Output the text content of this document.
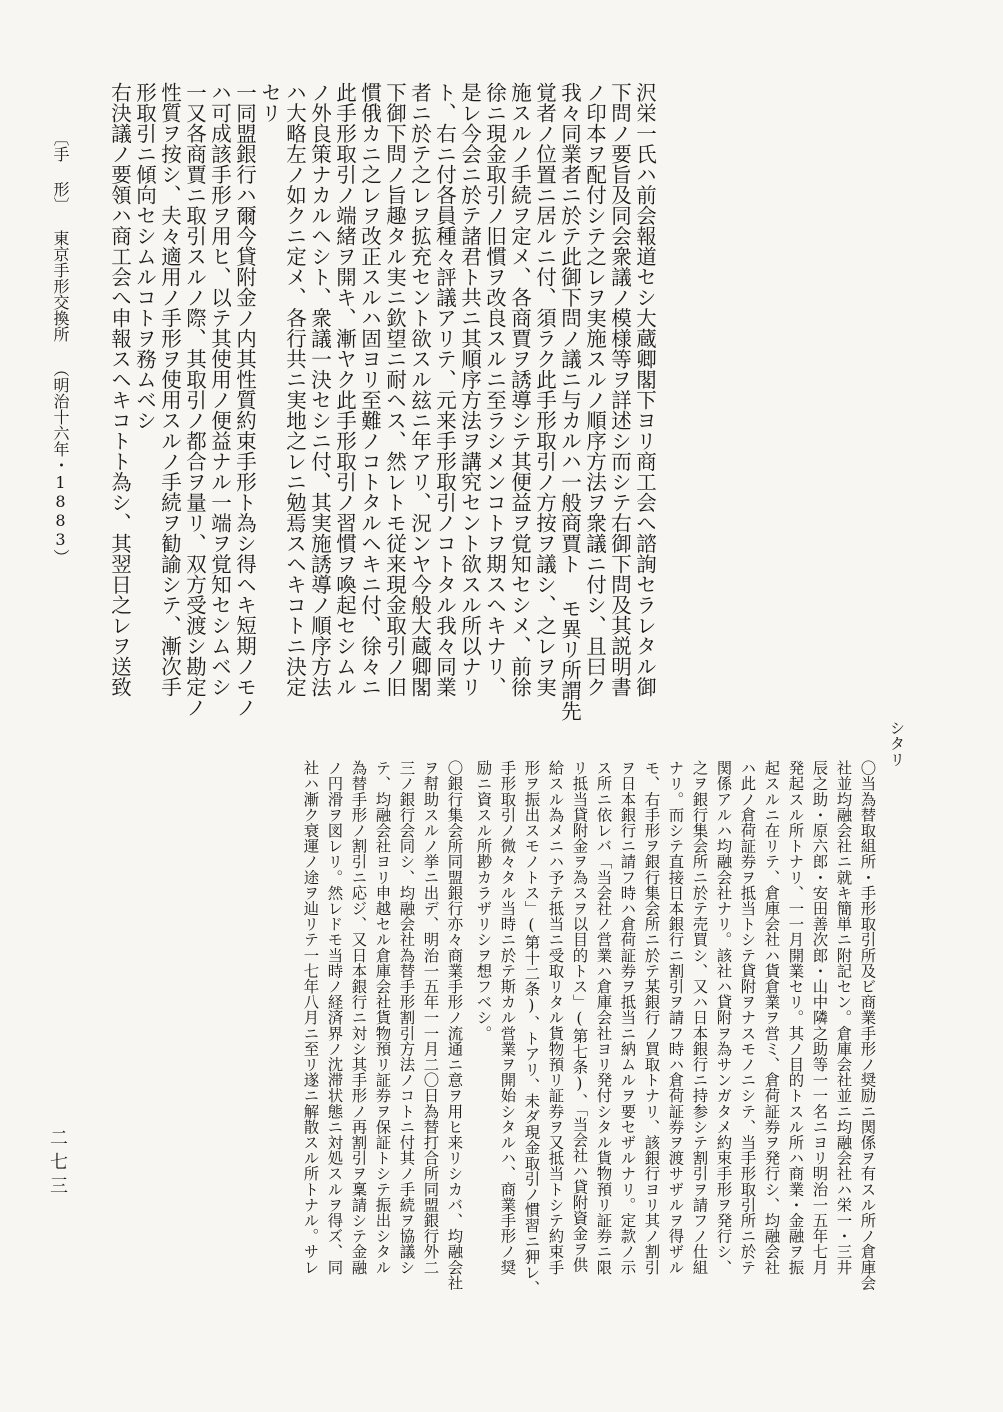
沢栄一氏ハ前会報道セシ大蔵卿閣下ヨリ商工会へ諮詢セラレタル御
下問ノ要旨及同会衆議ノ模様等ヲ詳述シ而シテ右御下問及其説明書
ノ印本ヲ配付シテ之レヲ実施スルノ順序方法ヲ衆議ニ付シ、且曰ク
我々同業者ニ於テ此御下問ノ議ニ与カルハ一般商賈ト モ異リ所謂先
覚者ノ位置ニ居ルニ付、須ラク此手形取引ノ方按ヲ議シ、之レヲ実
施スルノ手続ヲ定メ、各商賈ヲ誘導シテ其便益ヲ覚知セシメ、前徐
徐ニ現金取引ノ旧慣ヲ改良スルニ至ラシメンコトヲ期スヘキナリ、
是レ今会ニ於テ諸君ト共ニ其順序方法ヲ講究セント欲スル所以ナリ
ト、右ニ付各員種々評議アリテ、元来手形取引ノコトタル我々同業
者ニ於テ之レヲ拡充セント欲スル玆ニ年アリ、況ンヤ今般大蔵卿閣
下御下問ノ旨趣タル実ニ欽望ニ耐ヘス、然レトモ従来現金取引ノ旧
慣俄カニ之レヲ改正スルハ固ヨリ至難ノコトタルヘキニ付、徐々ニ
此手形取引ノ端緒ヲ開キ、漸ヤク此手形取引ノ習慣ヲ喚起セシムル
ノ外良策ナカルヘシト、衆議一決セシニ付、其実施誘導ノ順序方法
ハ大略左ノ如クニ定メ、各行共ニ実地之レニ勉焉スヘキコトニ決定
セリ
一同盟銀行ハ爾今貸附金ノ内其性質約束手形ト為シ得ヘキ短期ノモノ
ハ可成該手形ヲ用ヒ、以テ其使用ノ便益ナル一端ヲ覚知セシムベシ
一又各商賈ニ取引スルノ際、其取引ノ都合ヲ量リ、双方受渡シ勘定ノ
性質ヲ按シ、夫々適用ノ手形ヲ使用スルノ手続ヲ勧諭シテ、漸次手
形取引ニ傾向セシムルコトヲ務ムベシ
右決議ノ要領ハ商工会へ申報スヘキコトト為シ、其翌日之レヲ送致
〔手 形〕
東京手形交換所 （明治十六年・1883）
シタリ
〇当為替取組所・手形取引所及ビ商業手形ノ奨励ニ関係ヲ有スル所ノ倉庫会
社並均融会社ニ就キ簡単ニ附記セン。倉庫会社並ニ均融会社ハ栄一・三井
辰之助・原六郎・安田善次郎・山中隣之助等一一名ニヨリ明治一五年七月
発起スル所トナリ、一一月開業セリ。其ノ目的トスル所ハ商業・金融ヲ振
起スルニ在リテ、倉庫会社ハ貨倉業ヲ営ミ、倉荷証券ヲ発行シ、均融会社
ハ此ノ倉荷証券ヲ抵当トシテ貸附ヲナスモノニシテ、当手形取引所ニ於テ
関係アルハ均融会社ナリ。該社ハ貸附ヲ為サンガタメ約束手形ヲ発行シ、
之ヲ銀行集会所ニ於テ売買シ、又ハ日本銀行ニ持参シテ割引ヲ請フノ仕組
ナリ。而シテ直接日本銀行ニ割引ヲ請フ時ハ倉荷証券ヲ渡サザルヲ得ザル
モ、右手形ヲ銀行集会所ニ於テ某銀行ノ買取トナリ、該銀行ヨリ其ノ割引
ヲ日本銀行ニ請フ時ハ倉荷証券ヲ抵当ニ納ムルヲ要セザルナリ。定款ノ示
ス所ニ依レバ「当会社ノ営業ハ倉庫会社ヨリ発付シタル貨物預リ証券ニ限
リ抵当貸附金ヲ為スヲ以目的トス」(第七条)、「当会社ハ貸附資金ヲ供
給スル為メニハ予テ抵当ニ受取リタル貨物預リ証券ヲ又抵当トシテ約束手
形ヲ振出スモノトス」(第十二条)、トアリ、未ダ現金取引ノ慣習ニ狎レ、
手形取引ノ微々タル当時ニ於テ斯カル営業ヲ開始シタルハ、商業手形ノ奨
励ニ資スル所尠カラザリシヲ想フベシ。
〇銀行集会所同盟銀行亦々商業手形ノ流通ニ意ヲ用ヒ来リシカバ、均融会社
ヲ幇助スルノ挙ニ出デ、明治一五年一一月二〇日為替打合所同盟銀行外二
三ノ銀行会同シ、均融会社為替手形割引方法ノコトニ付其ノ手続ヲ協議シ
テ、均融会社ヨリ申越セル倉庫会社貨物預リ証券ヲ保証トシテ振出シタル
為替手形ノ割引ニ応ジ、又日本銀行ニ対シ其手形ノ再割引ヲ稟請シテ金融
ノ円滑ヲ図レリ。然レドモ当時ノ経済界ノ沈滞状態ニ対処スルヲ得ズ、同
社ハ漸ク衰運ノ途ヲ辿リテ一七年八月ニ至リ遂ニ解散スル所トナル。サレ
二七三
